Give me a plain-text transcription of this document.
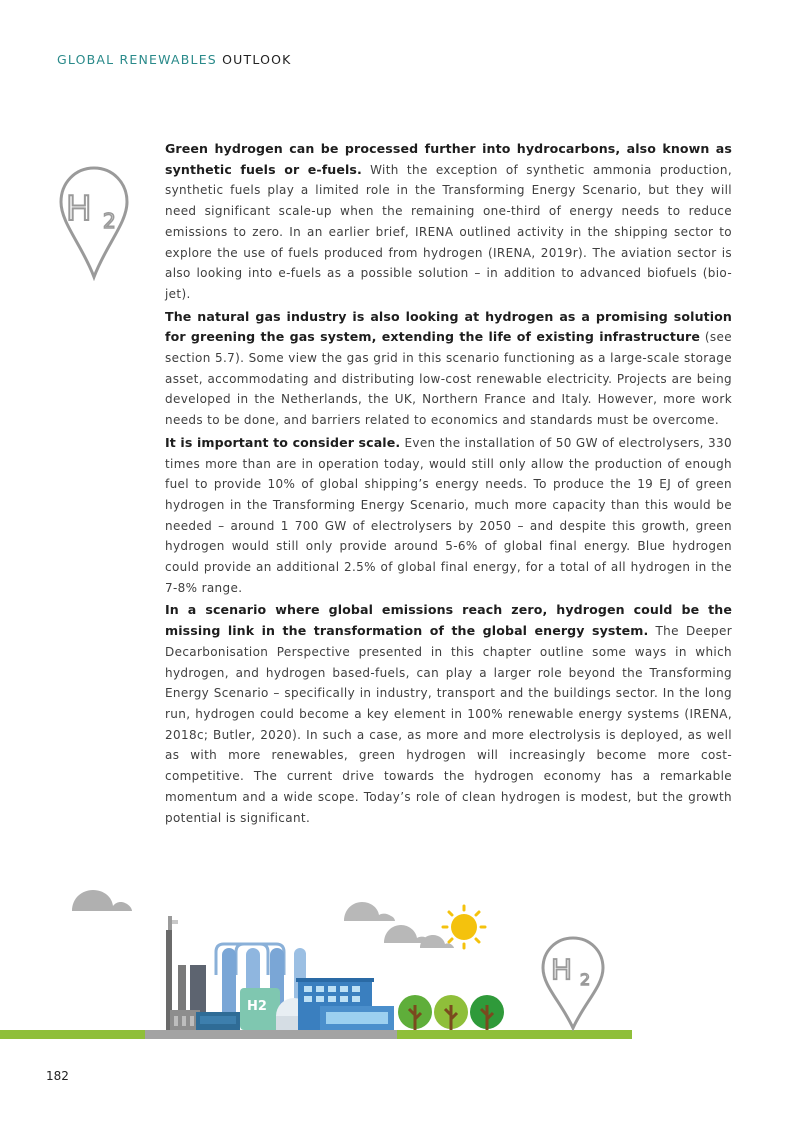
GLOBAL RENEWABLES OUTLOOK
H 2

Green hydrogen can be processed further into hydrocarbons, also known as synthetic fuels or e-fuels. With the exception of synthetic ammonia production, synthetic fuels play a limited role in the Transforming Energy Scenario, but they will need significant scale-up when the remaining one-third of energy needs to reduce emissions to zero. In an earlier brief, IRENA outlined activity in the shipping sector to explore the use of fuels produced from hydrogen (IRENA, 2019r). The aviation sector is also looking into e-fuels as a possible solution – in addition to advanced biofuels (bio-jet).

The natural gas industry is also looking at hydrogen as a promising solution for greening the gas system, extending the life of existing infrastructure (see section 5.7). Some view the gas grid in this scenario functioning as a large-scale storage asset, accommodating and distributing low-cost renewable electricity. Projects are being developed in the Netherlands, the UK, Northern France and Italy. However, more work needs to be done, and barriers related to economics and standards must be overcome.

It is important to consider scale. Even the installation of 50 GW of electrolysers, 330 times more than are in operation today, would still only allow the production of enough fuel to provide 10% of global shipping’s energy needs. To produce the 19 EJ of green hydrogen in the Transforming Energy Scenario, much more capacity than this would be needed – around 1 700 GW of electrolysers by 2050 – and despite this growth, green hydrogen would still only provide around 5-6% of global final energy. Blue hydrogen could provide an additional 2.5% of global final energy, for a total of all hydrogen in the 7-8% range.

In a scenario where global emissions reach zero, hydrogen could be the missing link in the transformation of the global energy system. The Deeper Decarbonisation Perspective presented in this chapter outline some ways in which hydrogen, and hydrogen based-fuels, can play a larger role beyond the Transforming Energy Scenario – specifically in industry, transport and the buildings sector. In the long run, hydrogen could become a key element in 100% renewable energy systems (IRENA, 2018c; Butler, 2020). In such a case, as more and more electrolysis is deployed, as well as with more renewables, green hydrogen will increasingly become more cost-competitive. The current drive towards the hydrogen economy has a remarkable momentum and a wide scope. Today’s role of clean hydrogen is modest, but the growth potential is significant.

H2
H 2
182
